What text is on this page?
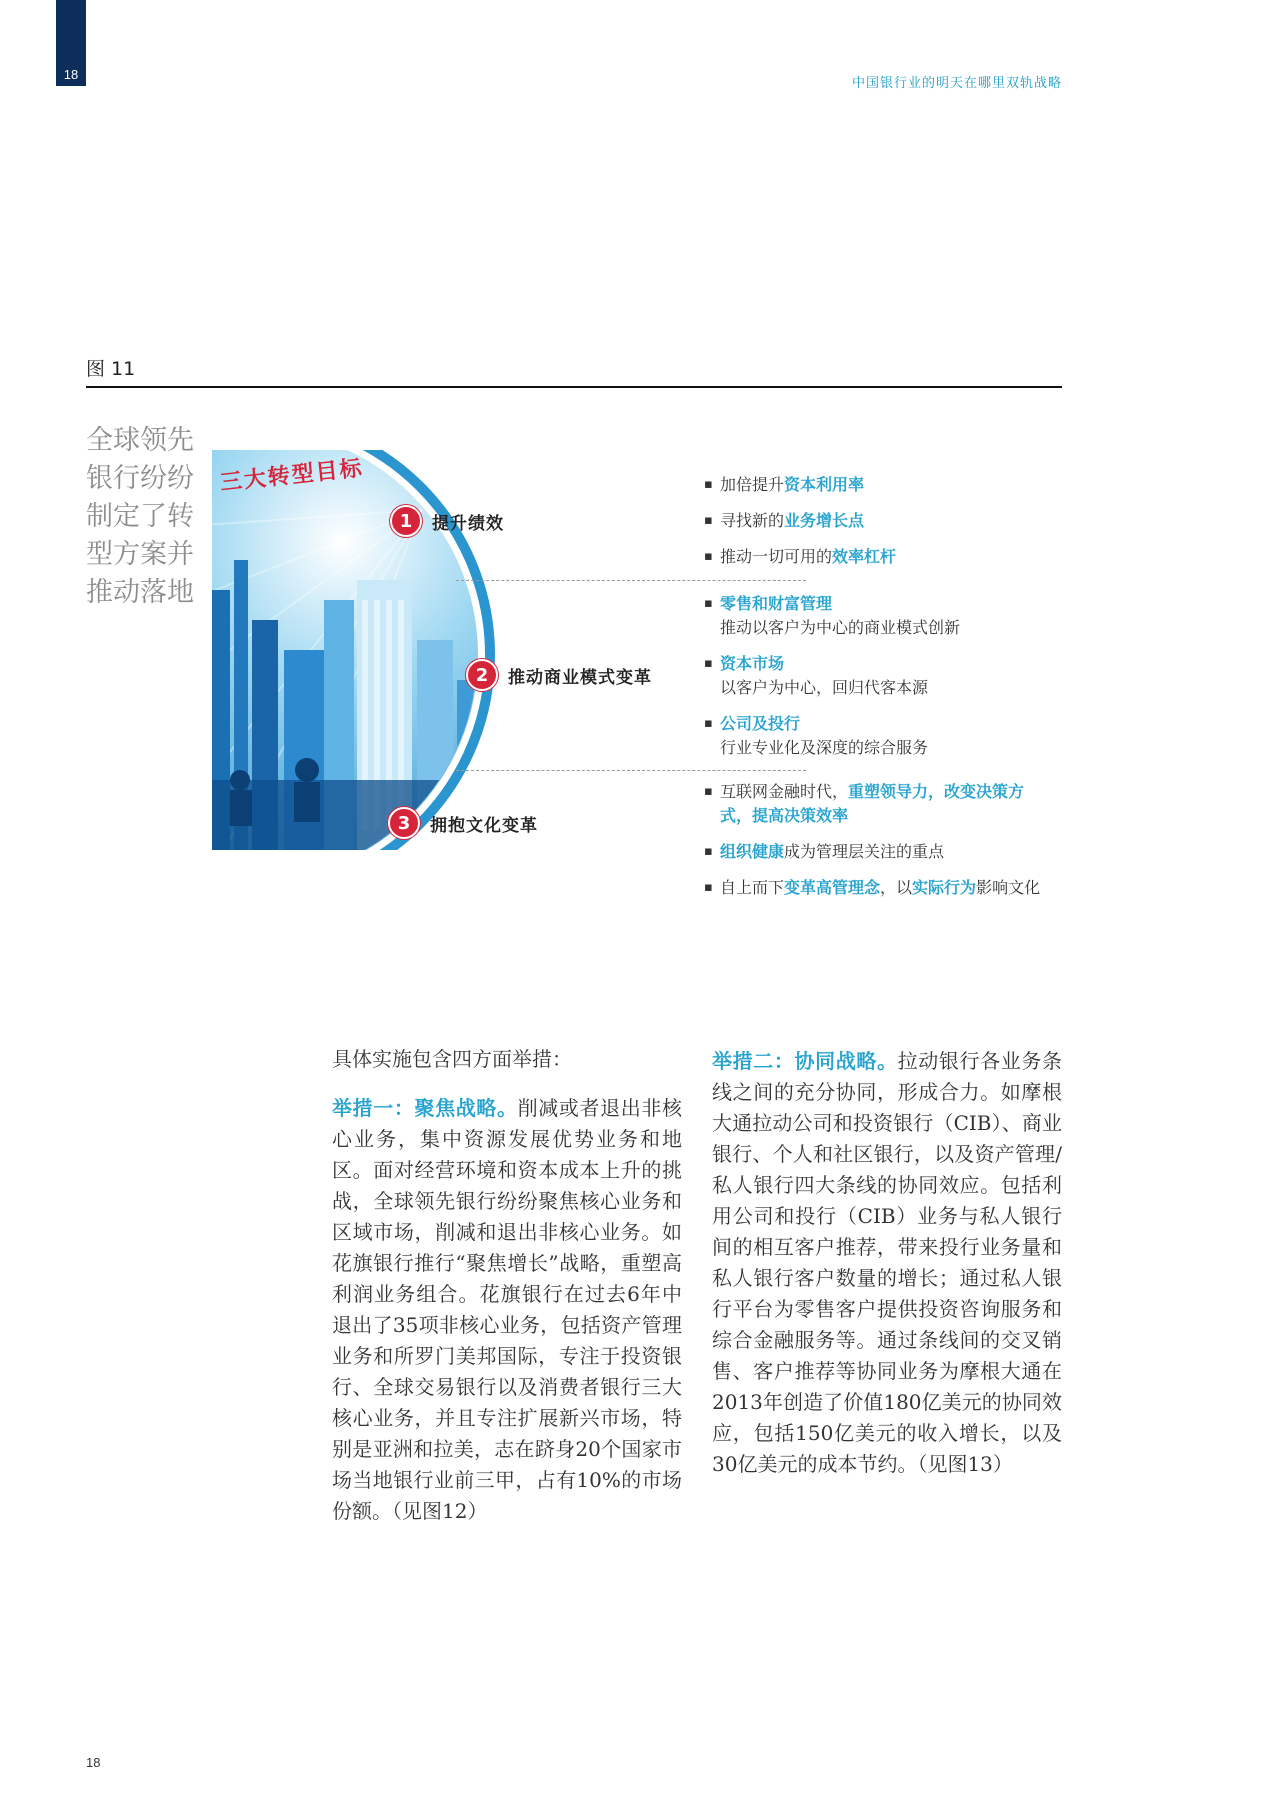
18
中国银行业的明天在哪里双轨战略
图 11
全球领先银行纷纷制定了转型方案并推动落地
三大转型目标
1	提升绩效
2	推动商业模式变革
3	拥抱文化变革

▪ 加倍提升资本利用率

▪ 寻找新的业务增长点

▪ 推动一切可用的效率杠杆

▪ 零售和财富管理
推动以客户为中心的商业模式创新

▪ 资本市场
以客户为中心，回归代客本源

▪ 公司及投行
行业专业化及深度的综合服务

▪ 互联网金融时代，重塑领导力，改变决策方式，提高决策效率

▪ 组织健康成为管理层关注的重点

▪ 自上而下变革高管理念，以实际行为影响文化

具体实施包含四方面举措：

举措一：聚焦战略。削减或者退出非核心业务，集中资源发展优势业务和地区。面对经营环境和资本成本上升的挑战，全球领先银行纷纷聚焦核心业务和区域市场，削减和退出非核心业务。如花旗银行推行“聚焦增长”战略，重塑高利润业务组合。花旗银行在过去6年中退出了35项非核心业务，包括资产管理业务和所罗门美邦国际，专注于投资银行、全球交易银行以及消费者银行三大核心业务，并且专注扩展新兴市场，特别是亚洲和拉美，志在跻身20个国家市场当地银行业前三甲，占有10%的市场份额。（见图12）

举措二：协同战略。拉动银行各业务条线之间的充分协同，形成合力。如摩根大通拉动公司和投资银行（CIB）、商业银行、个人和社区银行，以及资产管理/私人银行四大条线的协同效应。包括利用公司和投行（CIB）业务与私人银行间的相互客户推荐，带来投行业务量和私人银行客户数量的增长；通过私人银行平台为零售客户提供投资咨询服务和综合金融服务等。通过条线间的交叉销售、客户推荐等协同业务为摩根大通在2013年创造了价值180亿美元的协同效应，包括150亿美元的收入增长，以及30亿美元的成本节约。（见图13）

18
